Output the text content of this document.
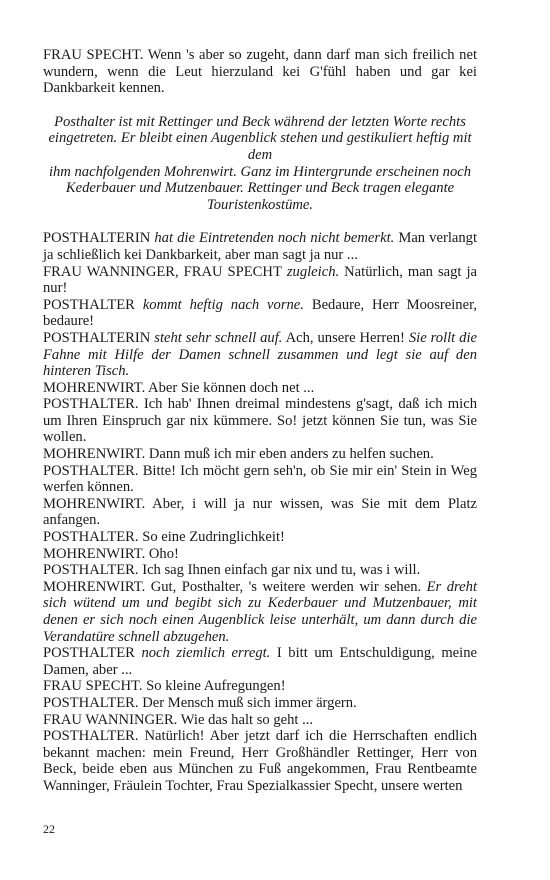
FRAU SPECHT. Wenn 's aber so zugeht, dann darf man sich freilich net wundern, wenn die Leut hierzuland kei G'fühl haben und gar kei Dankbarkeit kennen.

Posthalter ist mit Rettinger und Beck während der letzten Worte rechts eingetreten. Er bleibt einen Augenblick stehen und gestikuliert heftig mit
dem
ihm nachfolgenden Mohrenwirt. Ganz im Hintergrunde erscheinen noch
Kederbauer und Mutzenbauer. Rettinger und Beck tragen elegante
Touristenkostüme.

POSTHALTERIN hat die Eintretenden noch nicht bemerkt. Man verlangt ja schließlich kei Dankbarkeit, aber man sagt ja nur ...

FRAU WANNINGER, FRAU SPECHT zugleich. Natürlich, man sagt ja nur!

POSTHALTER kommt heftig nach vorne. Bedaure, Herr Moosreiner, bedaure!

POSTHALTERIN steht sehr schnell auf. Ach, unsere Herren! Sie rollt die Fahne mit Hilfe der Damen schnell zusammen und legt sie auf den hinteren Tisch.

MOHRENWIRT. Aber Sie können doch net ...

POSTHALTER. Ich hab' Ihnen dreimal mindestens g'sagt, daß ich mich um Ihren Einspruch gar nix kümmere. So! jetzt können Sie tun, was Sie wollen.

MOHRENWIRT. Dann muß ich mir eben anders zu helfen suchen.

POSTHALTER. Bitte! Ich möcht gern seh'n, ob Sie mir ein' Stein in Weg werfen können.

MOHRENWIRT. Aber, i will ja nur wissen, was Sie mit dem Platz anfangen.

POSTHALTER. So eine Zudringlichkeit!

MOHRENWIRT. Oho!

POSTHALTER. Ich sag Ihnen einfach gar nix und tu, was i will.

MOHRENWIRT. Gut, Posthalter, 's weitere werden wir sehen. Er dreht sich wütend um und begibt sich zu Kederbauer und Mutzenbauer, mit denen er sich noch einen Augenblick leise unterhält, um dann durch die Verandatüre schnell abzugehen.

POSTHALTER noch ziemlich erregt. I bitt um Entschuldigung, meine Damen, aber ...

FRAU SPECHT. So kleine Aufregungen!

POSTHALTER. Der Mensch muß sich immer ärgern.

FRAU WANNINGER. Wie das halt so geht ...

POSTHALTER. Natürlich! Aber jetzt darf ich die Herrschaften endlich bekannt machen: mein Freund, Herr Großhändler Rettinger, Herr von Beck, beide eben aus München zu Fuß angekommen, Frau Rentbeamte Wanninger, Fräulein Tochter, Frau Spezialkassier Specht, unsere werten

22
